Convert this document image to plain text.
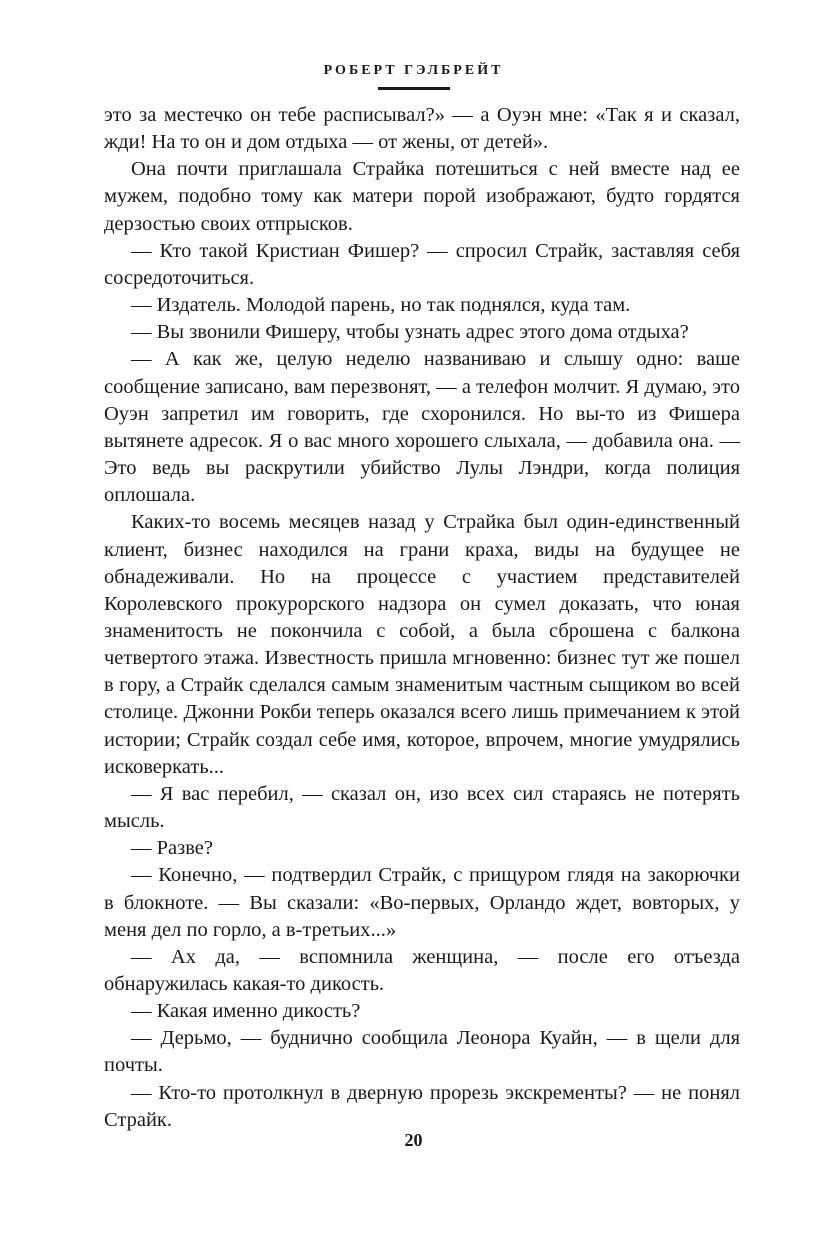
РОБЕРТ ГЭЛБРЕЙТ

это за местечко он тебе расписывал?» — а Оуэн мне: «Так я и сказал, жди! На то он и дом отдыха — от жены, от детей».

Она почти приглашала Страйка потешиться с ней вместе над ее мужем, подобно тому как матери порой изображают, будто гордятся дерзостью своих отпрысков.

— Кто такой Кристиан Фишер? — спросил Страйк, заставляя себя сосредоточиться.

— Издатель. Молодой парень, но так поднялся, куда там.

— Вы звонили Фишеру, чтобы узнать адрес этого дома отдыха?

— А как же, целую неделю названиваю и слышу одно: ваше сообщение записано, вам перезвонят, — а телефон молчит. Я думаю, это Оуэн запретил им говорить, где схоронился. Но вы-то из Фишера вытянете адресок. Я о вас много хорошего слыхала, — добавила она. — Это ведь вы раскрутили убийство Лулы Лэндри, когда полиция оплошала.

Каких-то восемь месяцев назад у Страйка был один-единственный клиент, бизнес находился на грани краха, виды на будущее не обнадеживали. Но на процессе с участием представителей Королевского прокурорского надзора он сумел доказать, что юная знаменитость не покончила с собой, а была сброшена с балкона четвертого этажа. Известность пришла мгновенно: бизнес тут же пошел в гору, а Страйк сделался самым знаменитым частным сыщиком во всей столице. Джонни Рокби теперь оказался всего лишь примечанием к этой истории; Страйк создал себе имя, которое, впрочем, многие умудрялись исковеркать...

— Я вас перебил, — сказал он, изо всех сил стараясь не потерять мысль.

— Разве?

— Конечно, — подтвердил Страйк, с прищуром глядя на закорючки в блокноте. — Вы сказали: «Во-первых, Орландо ждет, вовторых, у меня дел по горло, а в-третьих...»

— Ах да, — вспомнила женщина, — после его отъезда обнаружилась какая-то дикость.

— Какая именно дикость?

— Дерьмо, — буднично сообщила Леонора Куайн, — в щели для почты.

— Кто-то протолкнул в дверную прорезь экскременты? — не понял Страйк.

20
